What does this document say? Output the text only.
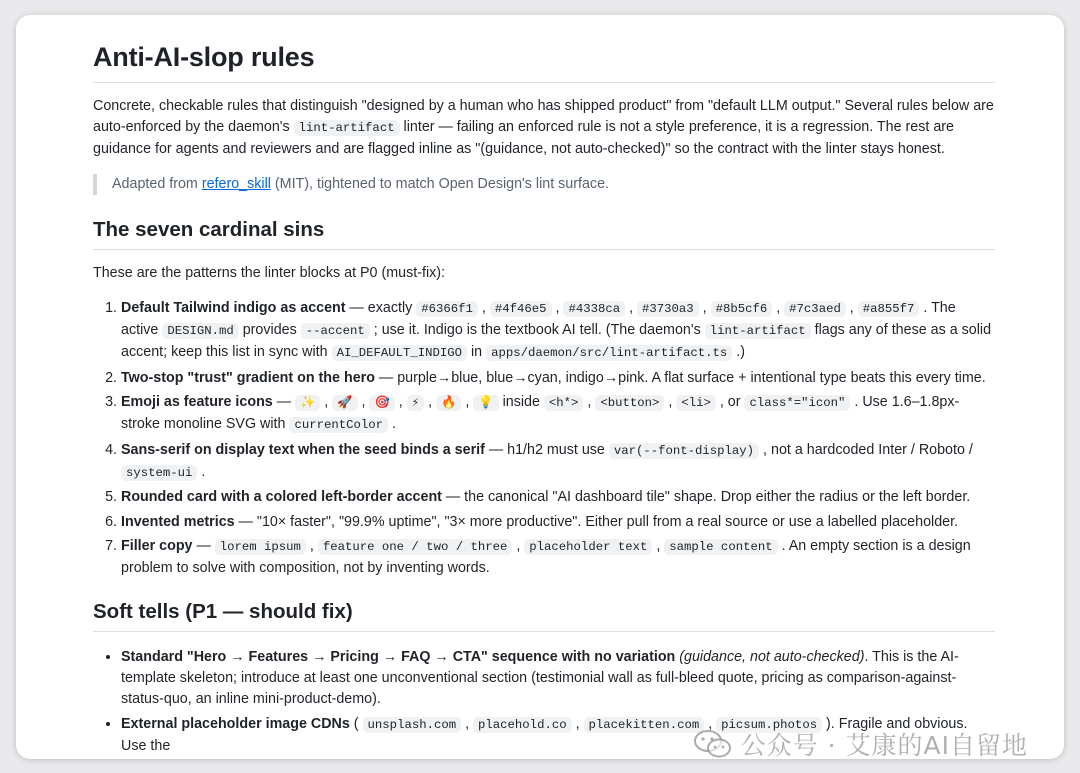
Anti-AI-slop rules

Concrete, checkable rules that distinguish "designed by a human who has shipped product" from "default LLM output." Several rules below are auto-enforced by the daemon's lint-artifact linter — failing an enforced rule is not a style preference, it is a regression. The rest are guidance for agents and reviewers and are flagged inline as "(guidance, not auto-checked)" so the contract with the linter stays honest.

Adapted from refero_skill (MIT), tightened to match Open Design's lint surface.
The seven cardinal sins

These are the patterns the linter blocks at P0 (must-fix):

1. Default Tailwind indigo as accent — exactly #6366f1 , #4f46e5 , #4338ca , #3730a3 , #8b5cf6 , #7c3aed , #a855f7 . The active DESIGN.md provides --accent ; use it. Indigo is the textbook AI tell. (The daemon's lint-artifact flags any of these as a solid accent; keep this list in sync with AI_DEFAULT_INDIGO in apps/daemon/src/lint-artifact.ts .)
2. Two-stop "trust" gradient on the hero — purple→blue, blue→cyan, indigo→pink. A flat surface + intentional type beats this every time.
3. Emoji as feature icons — ✨ , 🚀 , 🎯 , ⚡ , 🔥 , 💡 inside <h*> , <button> , <li> , or class*="icon" . Use 1.6–1.8px-stroke monoline SVG with currentColor .
4. Sans-serif on display text when the seed binds a serif — h1/h2 must use var(--font-display) , not a hardcoded Inter / Roboto / system-ui .
5. Rounded card with a colored left-border accent — the canonical "AI dashboard tile" shape. Drop either the radius or the left border.
6. Invented metrics — "10× faster", "99.9% uptime", "3× more productive". Either pull from a real source or use a labelled placeholder.
7. Filler copy — lorem ipsum , feature one / two / three , placeholder text , sample content . An empty section is a design problem to solve with composition, not by inventing words.
Soft tells (P1 — should fix)
• Standard "Hero → Features → Pricing → FAQ → CTA" sequence with no variation (guidance, not auto-checked). This is the AI-template skeleton; introduce at least one unconventional section (testimonial wall as full-bleed quote, pricing as comparison-against-status-quo, an inline mini-product-demo).
• External placeholder image CDNs ( unsplash.com , placehold.co , placekitten.com , picsum.photos ). Fragile and obvious. Use the	公众号 · 艾康的AI自留地
